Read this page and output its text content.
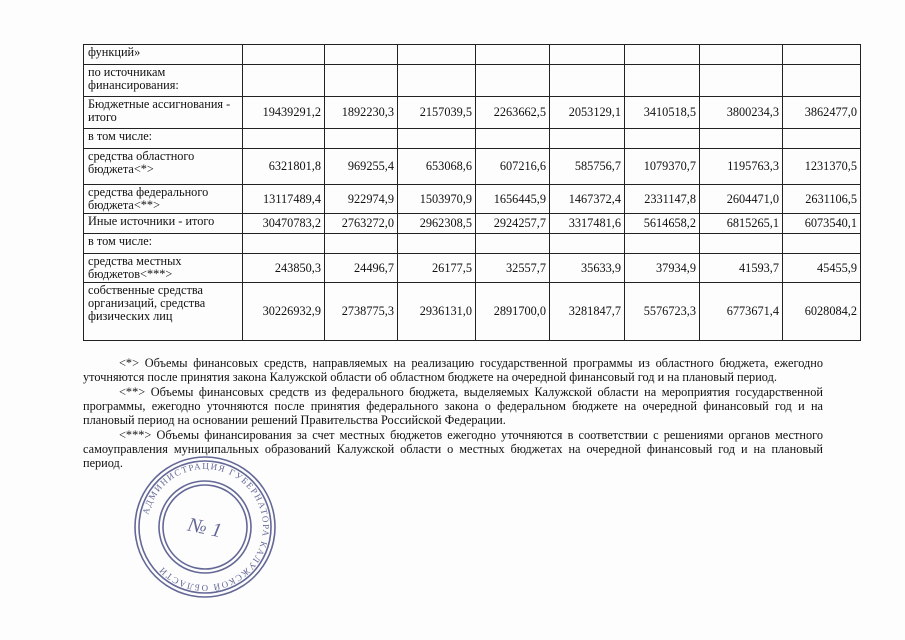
функций»								
по источникам финансирования:								
Бюджетные ассигнования - итого	19439291,2	1892230,3	2157039,5	2263662,5	2053129,1	3410518,5	3800234,3	3862477,0
в том числе:								
средства областного бюджета<*>	6321801,8	969255,4	653068,6	607216,6	585756,7	1079370,7	1195763,3	1231370,5
средства федерального бюджета<**>	13117489,4	922974,9	1503970,9	1656445,9	1467372,4	2331147,8	2604471,0	2631106,5
Иные источники - итого	30470783,2	2763272,0	2962308,5	2924257,7	3317481,6	5614658,2	6815265,1	6073540,1
в том числе:								
средства местных бюджетов<***>	243850,3	24496,7	26177,5	32557,7	35633,9	37934,9	41593,7	45455,9
собственные средства организаций, средства физических лиц	30226932,9	2738775,3	2936131,0	2891700,0	3281847,7	5576723,3	6773671,4	6028084,2

<*> Объемы финансовых средств, направляемых на реализацию государственной программы из областного бюджета, ежегодно уточняются после принятия закона Калужской области об областном бюджете на очередной финансовый год и на плановый период.

<**> Объемы финансовых средств из федерального бюджета, выделяемых Калужской области на мероприятия государственной программы, ежегодно уточняются после принятия федерального закона о федеральном бюджете на очередной финансовый год и на плановый период на основании решений Правительства Российской Федерации.

<***> Объемы финансирования за счет местных бюджетов ежегодно уточняются в соответствии с решениями органов местного самоуправления муниципальных образований Калужской области о местных бюджетах на очередной финансовый год и на плановый период.

АДМИНИСТРАЦИЯ ГУБЕРНАТОРА КАЛУЖСКОЙ ОБЛАСТИ
№ 1
